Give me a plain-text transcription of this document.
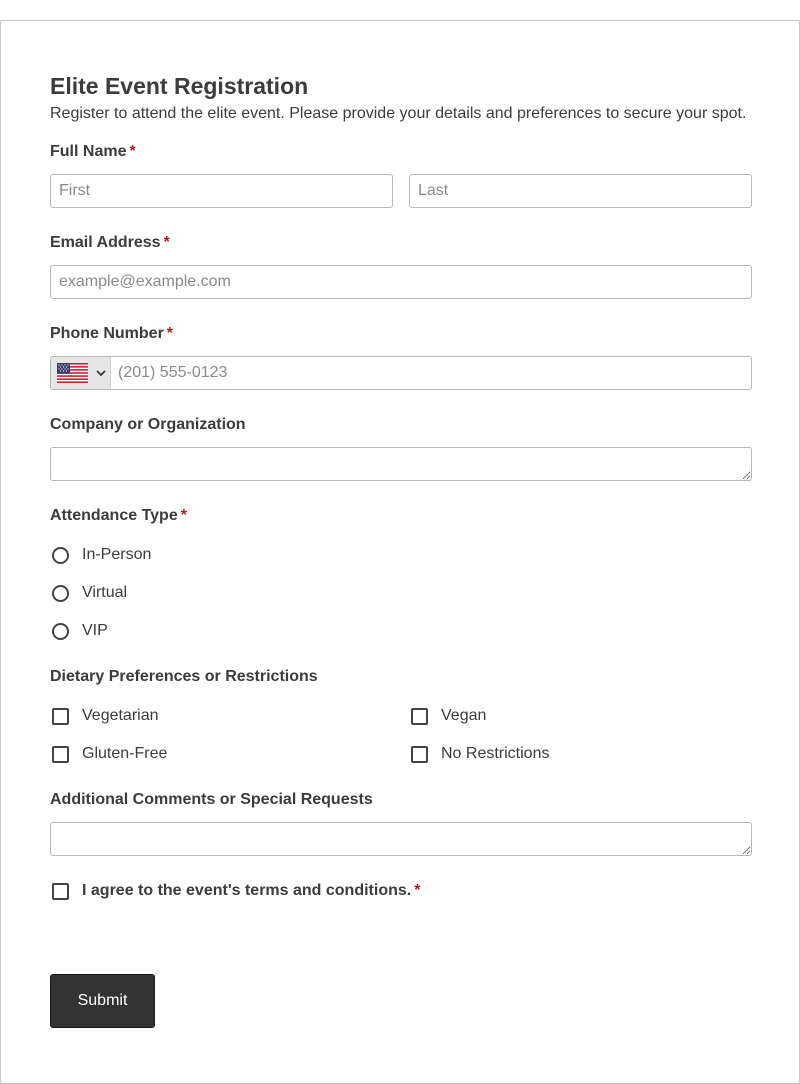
Elite Event Registration
Register to attend the elite event. Please provide your details and preferences to secure your spot.
Full Name *
First
Last
Email Address *
example@example.com
Phone Number *
(201) 555-0123
Company or Organization
Attendance Type *
In-Person
Virtual
VIP
Dietary Preferences or Restrictions
Vegetarian	Vegan
Gluten-Free	No Restrictions
Additional Comments or Special Requests
I agree to the event's terms and conditions. *
Submit
